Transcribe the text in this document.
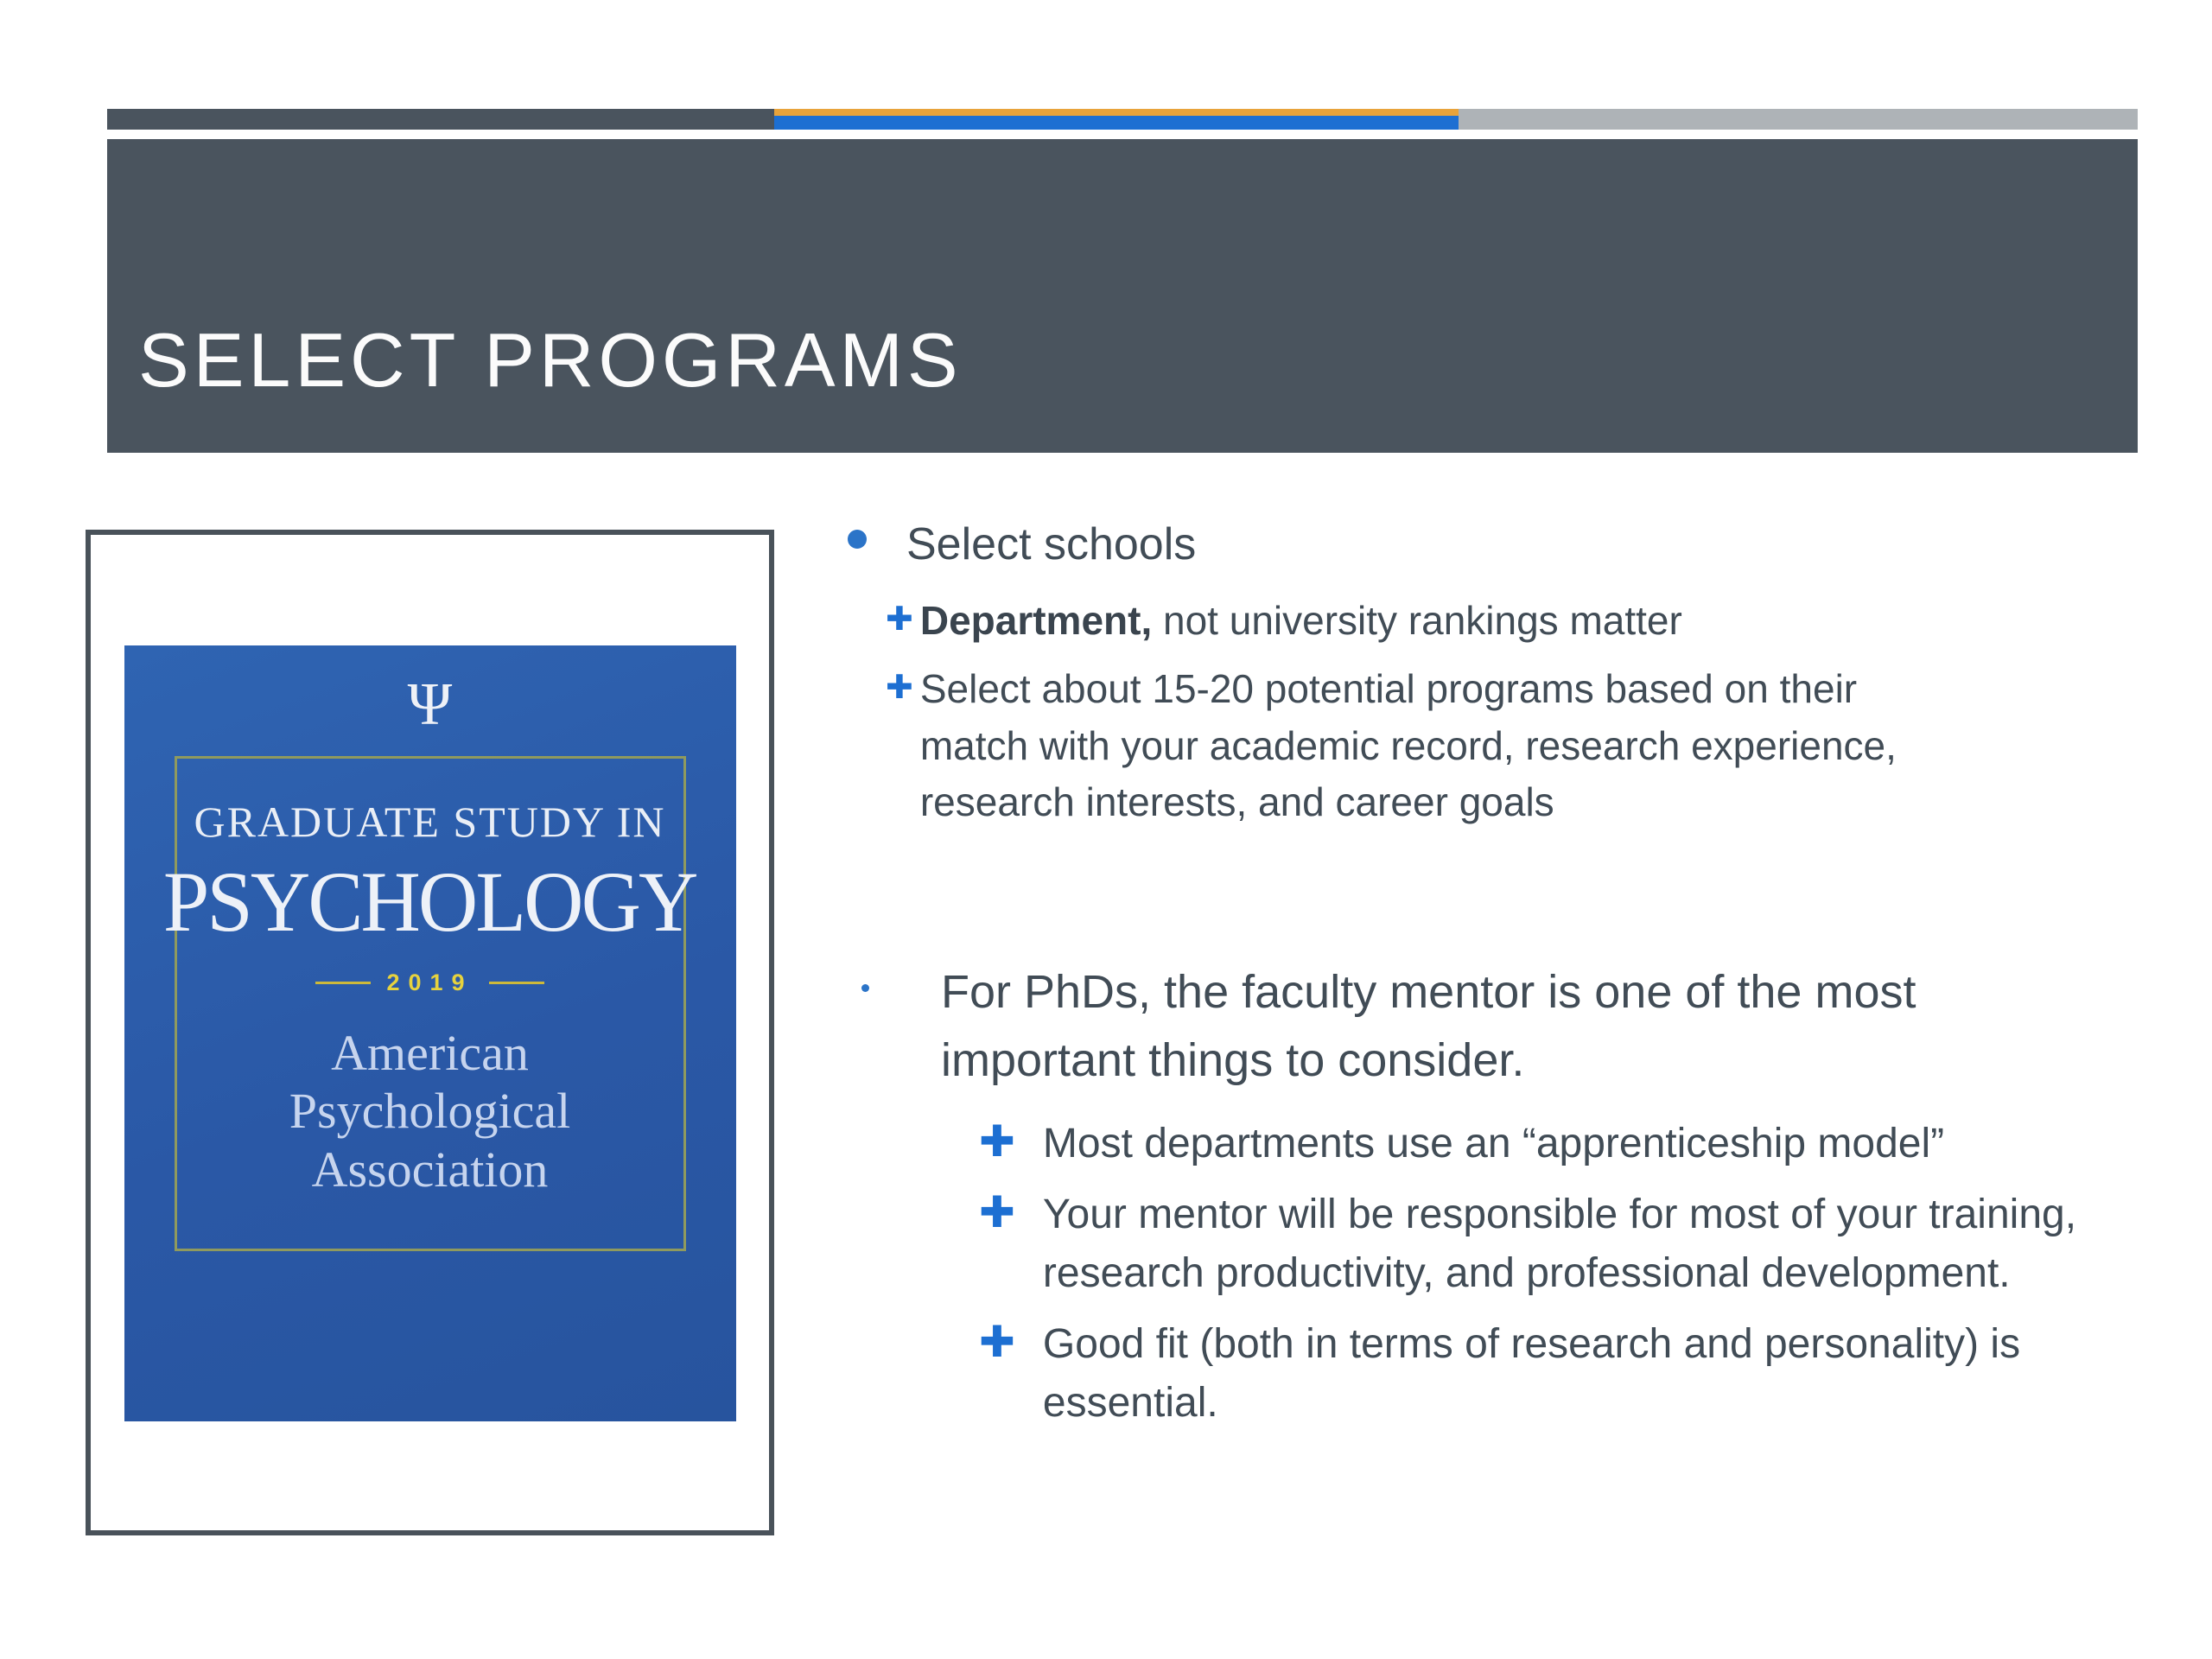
SELECT PROGRAMS
Ψ
GRADUATE STUDY IN
PSYCHOLOGY
2019
American
Psychological
Association
Select schools
✚ Department, not university rankings matter
✚ Select about 15-20 potential programs based on their match with your academic record, research experience, research interests, and career goals
For PhDs, the faculty mentor is one of the most important things to consider.
✚ Most departments use an “apprenticeship model”
✚ Your mentor will be responsible for most of your training, research productivity, and professional development.
✚ Good fit (both in terms of research and personality) is essential.
